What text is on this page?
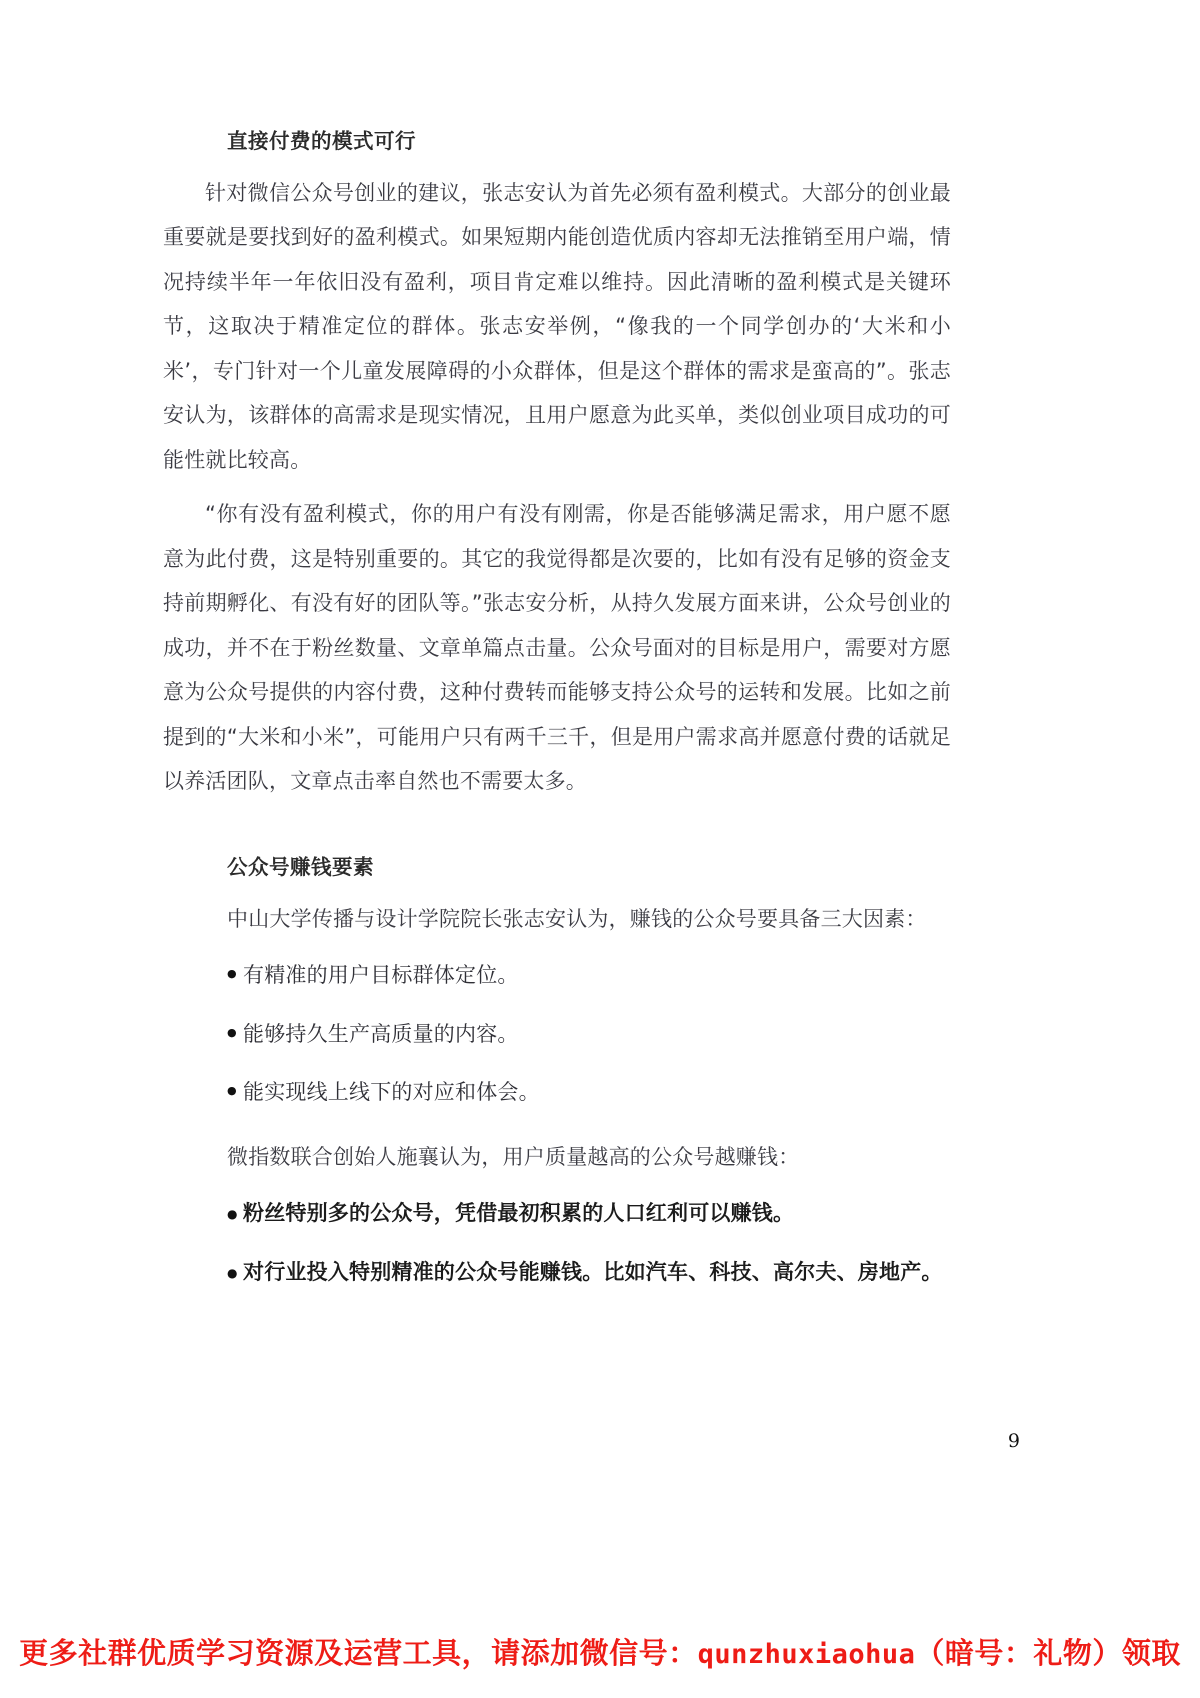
直接付费的模式可行

针对微信公众号创业的建议，张志安认为首先必须有盈利模式。大部分的创业最重要就是要找到好的盈利模式。如果短期内能创造优质内容却无法推销至用户端，情况持续半年一年依旧没有盈利，项目肯定难以维持。因此清晰的盈利模式是关键环节，这取决于精准定位的群体。张志安举例，“像我的一个同学创办的‘大米和小米’，专门针对一个儿童发展障碍的小众群体，但是这个群体的需求是蛮高的”。张志安认为，该群体的高需求是现实情况，且用户愿意为此买单，类似创业项目成功的可能性就比较高。

“你有没有盈利模式，你的用户有没有刚需，你是否能够满足需求，用户愿不愿意为此付费，这是特别重要的。其它的我觉得都是次要的，比如有没有足够的资金支持前期孵化、有没有好的团队等。”张志安分析，从持久发展方面来讲，公众号创业的成功，并不在于粉丝数量、文章单篇点击量。公众号面对的目标是用户，需要对方愿意为公众号提供的内容付费，这种付费转而能够支持公众号的运转和发展。比如之前提到的“大米和小米”，可能用户只有两千三千，但是用户需求高并愿意付费的话就足以养活团队，文章点击率自然也不需要太多。

公众号赚钱要素

中山大学传播与设计学院院长张志安认为，赚钱的公众号要具备三大因素：

● 有精准的用户目标群体定位。
● 能够持久生产高质量的内容。
● 能实现线上线下的对应和体会。

微指数联合创始人施襄认为，用户质量越高的公众号越赚钱：

● 粉丝特别多的公众号，凭借最初积累的人口红利可以赚钱。
● 对行业投入特别精准的公众号能赚钱。比如汽车、科技、高尔夫、房地产。
9
更多社群优质学习资源及运营工具，请添加微信号：qunzhuxiaohua（暗号：礼物）领取
